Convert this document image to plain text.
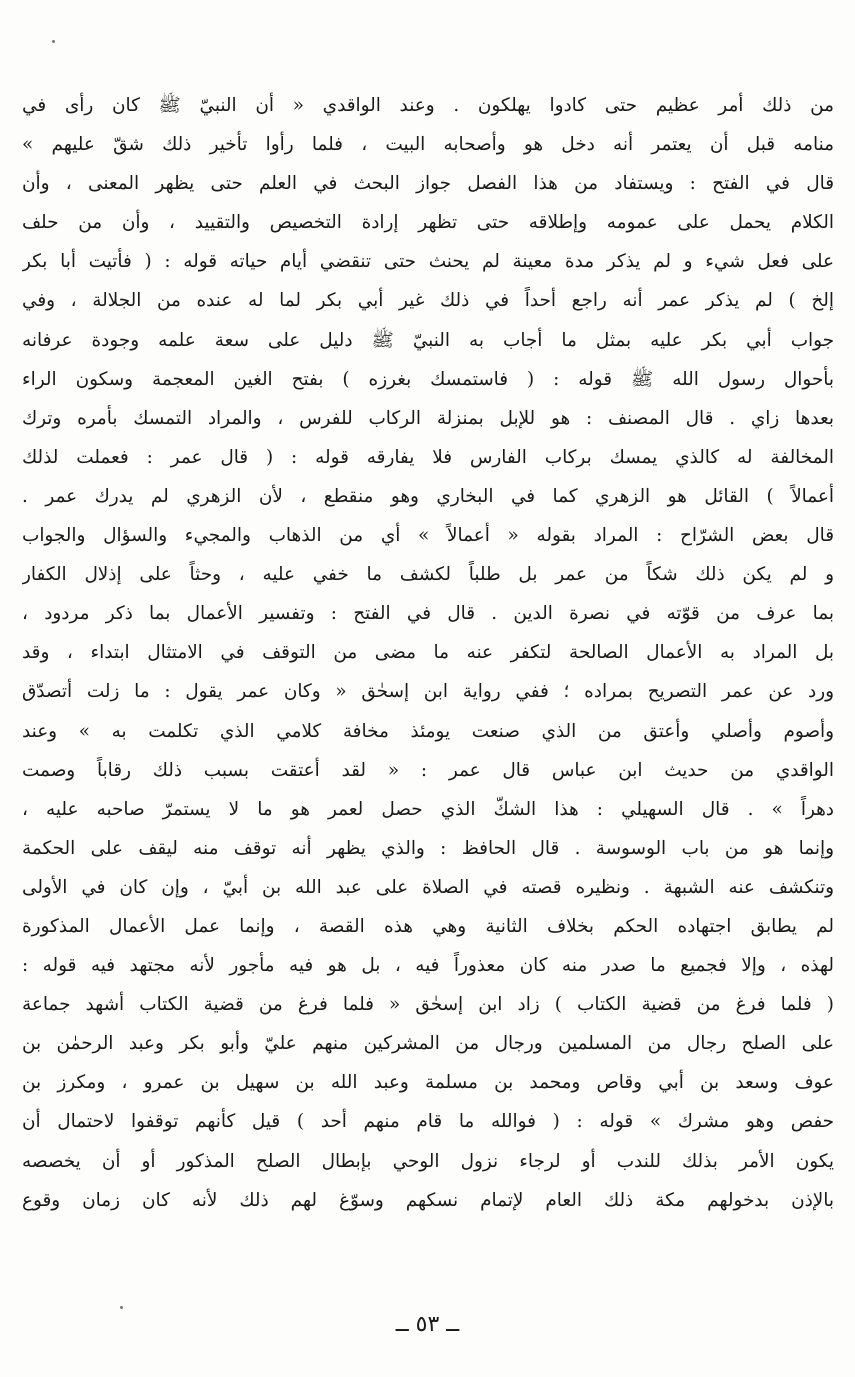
من ذلك أمر عظيم حتى كادوا يهلكون . وعند الواقدي « أن النبيّ ﷺ كان رأى في
منامه قبل أن يعتمر أنه دخل هو وأصحابه البيت ، فلما رأوا تأخير ذلك شقّ عليهم »
قال في الفتح : ويستفاد من هذا الفصل جواز البحث في العلم حتى يظهر المعنى ، وأن
الكلام يحمل على عمومه وإطلاقه حتى تظهر إرادة التخصيص والتقييد ، وأن من حلف
على فعل شيء و لم يذكر مدة معينة لم يحنث حتى تنقضي أيام حياته قوله : ( فأتيت أبا بكر
إلخ ) لم يذكر عمر أنه راجع أحداً في ذلك غير أبي بكر لما له عنده من الجلالة ، وفي
جواب أبي بكر عليه بمثل ما أجاب به النبيّ ﷺ دليل على سعة علمه وجودة عرفانه
بأحوال رسول الله ﷺ قوله : ( فاستمسك بغرزه ) بفتح الغين المعجمة وسكون الراء
بعدها زاي . قال المصنف : هو للإبل بمنزلة الركاب للفرس ، والمراد التمسك بأمره وترك
المخالفة له كالذي يمسك بركاب الفارس فلا يفارقه قوله : ( قال عمر : فعملت لذلك
أعمالاً ) القائل هو الزهري كما في البخاري وهو منقطع ، لأن الزهري لم يدرك عمر .
قال بعض الشرّاح : المراد بقوله « أعمالاً » أي من الذهاب والمجيء والسؤال والجواب
و لم يكن ذلك شكاً من عمر بل طلباً لكشف ما خفي عليه ، وحثاً على إذلال الكفار
بما عرف من قوّته في نصرة الدين . قال في الفتح : وتفسير الأعمال بما ذكر مردود ،
بل المراد به الأعمال الصالحة لتكفر عنه ما مضى من التوقف في الامتثال ابتداء ، وقد
ورد عن عمر التصريح بمراده ؛ ففي رواية ابن إسحٰق « وكان عمر يقول : ما زلت أتصدّق
وأصوم وأصلي وأعتق من الذي صنعت يومئذ مخافة كلامي الذي تكلمت به » وعند
الواقدي من حديث ابن عباس قال عمر : « لقد أعتقت بسبب ذلك رقاباً وصمت
دهراً » . قال السهيلي : هذا الشكّ الذي حصل لعمر هو ما لا يستمرّ صاحبه عليه ،
وإنما هو من باب الوسوسة . قال الحافظ : والذي يظهر أنه توقف منه ليقف على الحكمة
وتنكشف عنه الشبهة . ونظيره قصته في الصلاة على عبد الله بن أبيّ ، وإن كان في الأولى
لم يطابق اجتهاده الحكم بخلاف الثانية وهي هذه القصة ، وإنما عمل الأعمال المذكورة
لهذه ، وإلا فجميع ما صدر منه كان معذوراً فيه ، بل هو فيه مأجور لأنه مجتهد فيه قوله :
( فلما فرغ من قضية الكتاب ) زاد ابن إسحٰق « فلما فرغ من قضية الكتاب أشهد جماعة
على الصلح رجال من المسلمين ورجال من المشركين منهم عليّ وأبو بكر وعبد الرحمٰن بن
عوف وسعد بن أبي وقاص ومحمد بن مسلمة وعبد الله بن سهيل بن عمرو ، ومكرز بن
حفص وهو مشرك » قوله : ( فوالله ما قام منهم أحد ) قيل كأنهم توقفوا لاحتمال أن
يكون الأمر بذلك للندب أو لرجاء نزول الوحي بإبطال الصلح المذكور أو أن يخصصه
بالإذن بدخولهم مكة ذلك العام لإتمام نسكهم وسوّغ لهم ذلك لأنه كان زمان وقوع
ــ ٥٣ ــ
